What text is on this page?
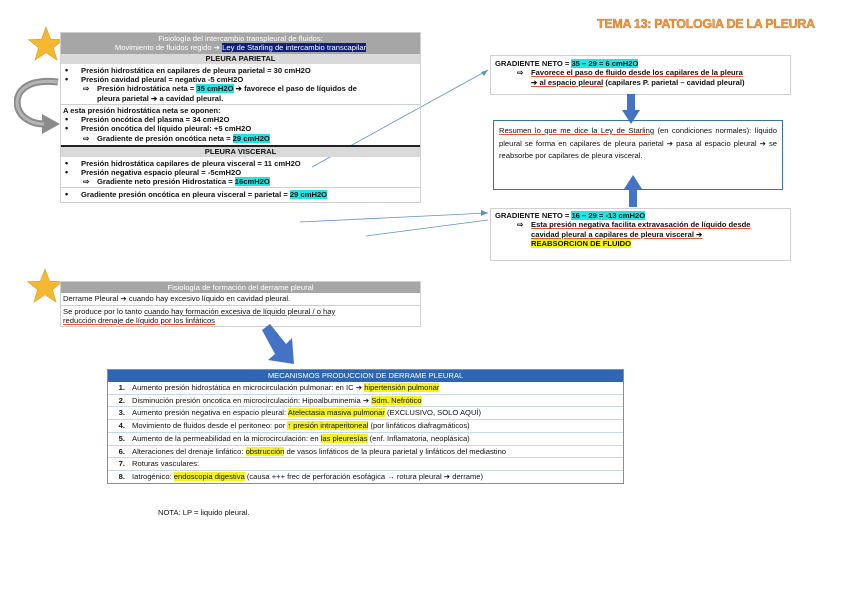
TEMA 13: PATOLOGIA DE LA PLEURA
Fisiología del intercambio transpleural de fluidos:
Movimiento de fluidos regido ➔ Ley de Starling de intercambio transcapilar
PLEURA PARIETAL
• Presión hidrostática en capilares de pleura parietal = 30 cmH2O
• Presión cavidad pleural = negativa -5 cmH2O
⇨ Presión hidrostática neta = 35 cmH2O ➔ favorece el paso de líquidos de
pleura parietal ➔ a cavidad pleural.
A esta presión hidrostática neta se oponen:
• Presión oncótica del plasma = 34 cmH2O
• Presión oncótica del líquido pleural: +5 cmH2O
⇨ Gradiente de presión oncótica neta = 29 cmH2O
PLEURA VISCERAL
• Presión hidrostática capilares de pleura visceral = 11 cmH2O
• Presión negativa espacio pleural = -5cmH2O
⇨ Gradiente neto presión Hidrostatica = 16cmH2O
• Gradiente presión oncótica en pleura visceral = parietal = 29 cmH2O
GRADIENTE NETO = 35 – 29 = 6 cmH2O
⇨ Favorece el paso de fluido desde los capilares de la pleura
➔ al espacio pleural (capilares P. parietal – cavidad pleural)
Resumen lo que me dice la Ley de Starling (en condiciones normales): líquido pleural se forma en capilares de pleura parietal ➔ pasa al espacio pleural ➔ se reabsorbe por capilares de pleura visceral.
GRADIENTE NETO = 16 – 29 = -13 cmH2O
⇨ Esta presión negativa facilita extravasación de líquido desde
cavidad pleural a capilares de pleura visceral ➔
REABSORCION DE FLUIDO
Fisiología de formación del derrame pleural
Derrame Pleural ➔ cuando hay excesivo líquido en cavidad pleural.
Se produce por lo tanto cuando hay formación excesiva de líquido pleural / o hay
reducción drenaje de líquido por los linfáticos
MECANISMOS PRODUCCION DE DERRAME PLEURAL
1. Aumento presión hidrostática en microcirculación pulmonar: en IC ➔ hipertensión pulmonar
2. Disminución presión oncotica en microcirculación: Hipoalbuminemia ➔ Sdm. Nefrótico
3. Aumento presión negativa en espacio pleural: Atelectasia masiva pulmonar (EXCLUSIVO, SOLO AQUÍ)
4. Movimiento de fluidos desde el peritoneo: por ↑ presión intraperitoneal (por linfáticos diafragmáticos)
5. Aumento de la permeabilidad en la microcirculación: en las pleuresías (enf. Inflamatoria, neoplásica)
6. Alteraciones del drenaje linfático: obstrucción de vasos linfáticos de la pleura parietal y linfáticos del mediastino
7. Roturas vasculares:
8. Iatrogénico: endoscopia digestiva (causa +++ frec de perforación esofágica → rotura pleural ➔ derrame)
NOTA: LP = liquido pleural.
